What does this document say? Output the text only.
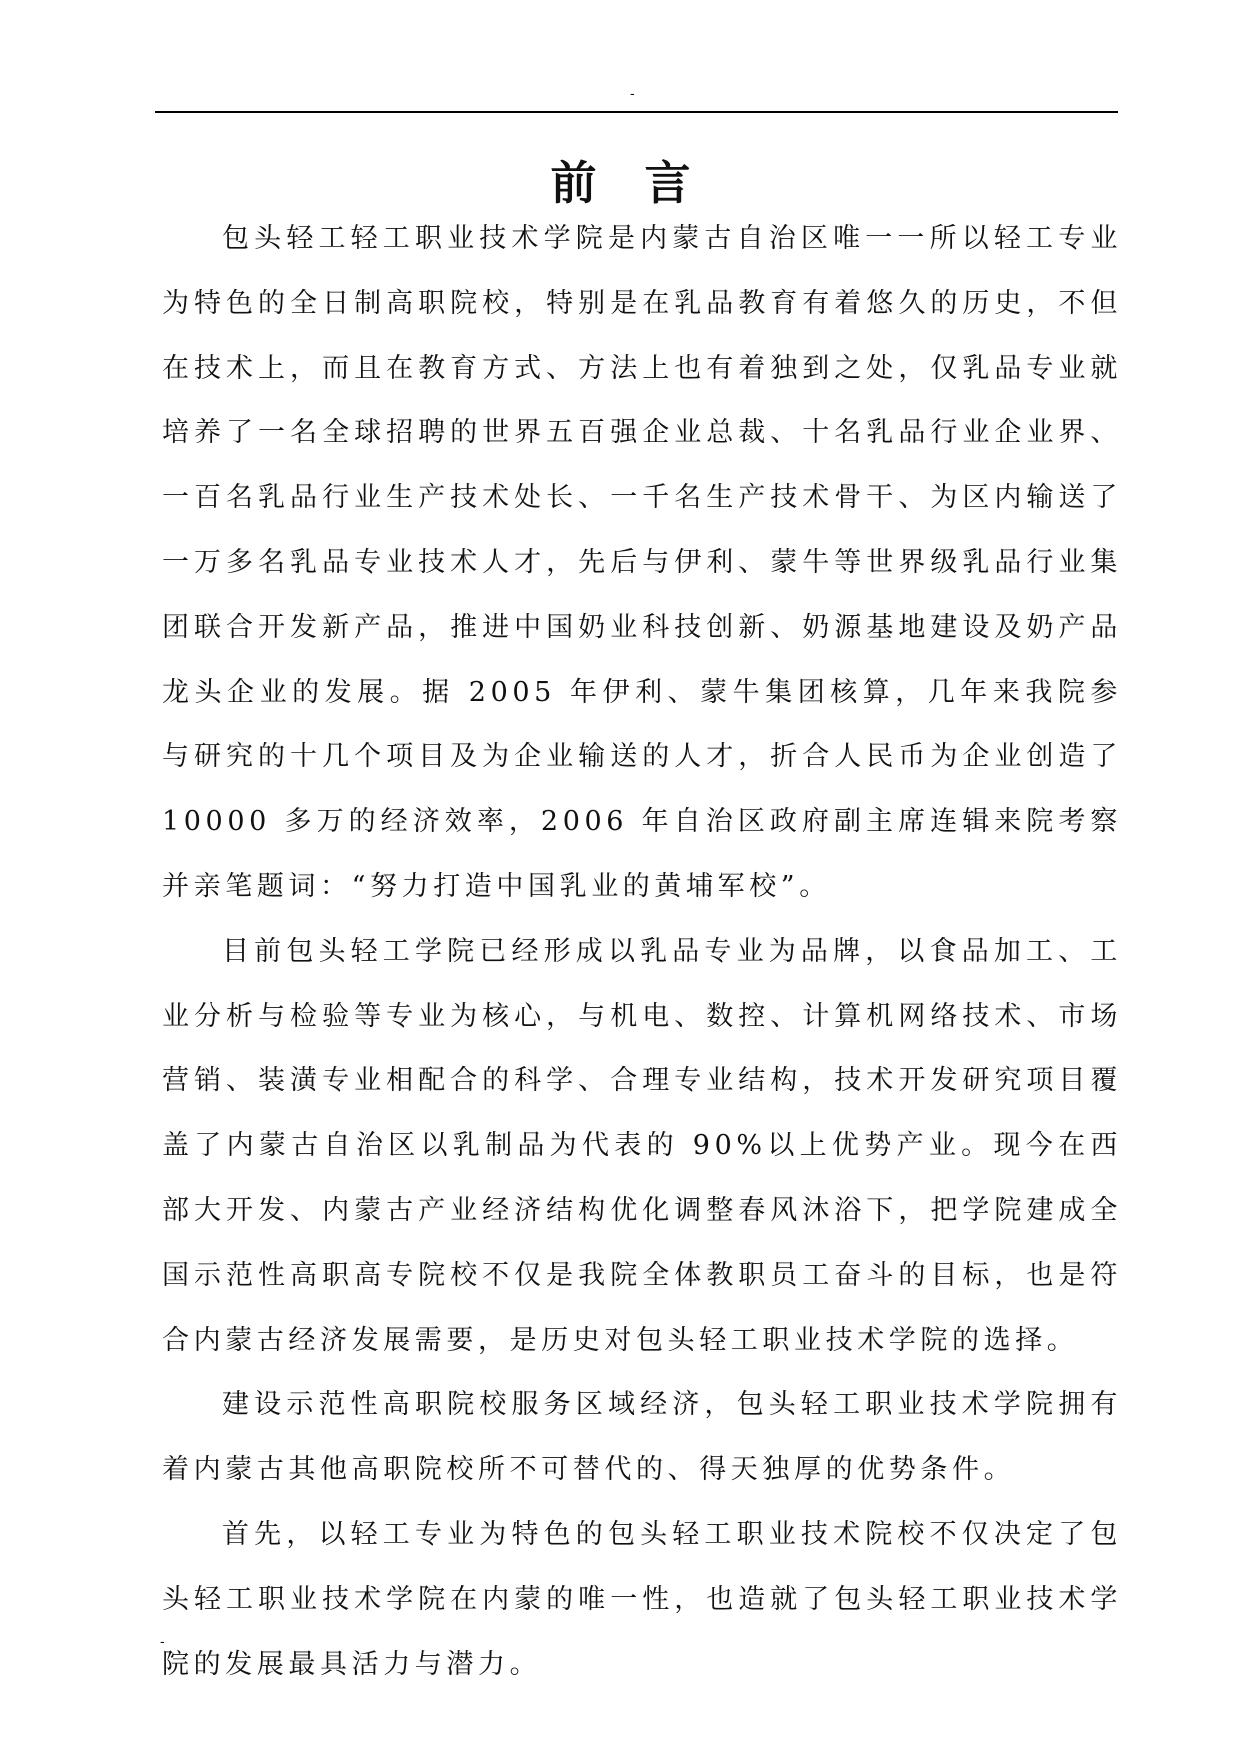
-
前言

包头轻工轻工职业技术学院是内蒙古自治区唯一一所以轻工专业为特色的全日制高职院校，特别是在乳品教育有着悠久的历史，不但在技术上，而且在教育方式、方法上也有着独到之处，仅乳品专业就培养了一名全球招聘的世界五百强企业总裁、十名乳品行业企业界、一百名乳品行业生产技术处长、一千名生产技术骨干、为区内输送了一万多名乳品专业技术人才，先后与伊利、蒙牛等世界级乳品行业集团联合开发新产品，推进中国奶业科技创新、奶源基地建设及奶产品龙头企业的发展。据 2005 年伊利、蒙牛集团核算，几年来我院参与研究的十几个项目及为企业输送的人才，折合人民币为企业创造了 10000 多万的经济效率，2006 年自治区政府副主席连辑来院考察并亲笔题词：“努力打造中国乳业的黄埔军校”。

目前包头轻工学院已经形成以乳品专业为品牌，以食品加工、工业分析与检验等专业为核心，与机电、数控、计算机网络技术、市场营销、装潢专业相配合的科学、合理专业结构，技术开发研究项目覆盖了内蒙古自治区以乳制品为代表的 90%以上优势产业。现今在西部大开发、内蒙古产业经济结构优化调整春风沐浴下，把学院建成全国示范性高职高专院校不仅是我院全体教职员工奋斗的目标，也是符合内蒙古经济发展需要，是历史对包头轻工职业技术学院的选择。

建设示范性高职院校服务区域经济，包头轻工职业技术学院拥有着内蒙古其他高职院校所不可替代的、得天独厚的优势条件。

首先，以轻工专业为特色的包头轻工职业技术院校不仅决定了包头轻工职业技术学院在内蒙的唯一性，也造就了包头轻工职业技术学院的发展最具活力与潜力。

-
